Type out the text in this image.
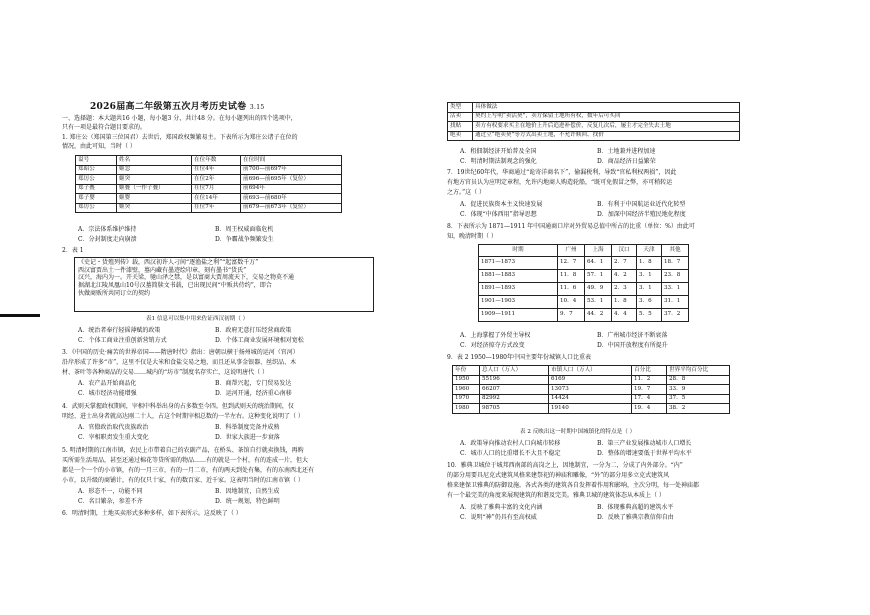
2026届高二年级第五次月考历史试卷 3.15
一、选择题：本大题共16 小题，每小题3 分，共计48 分。在每小题列出的四个选项中，
只有一项是最符合题目要求的。
1. 郑庄公（郑国第三位国君）去世后，郑国政权频繁易主。下表所示为郑庄公诸子在位的
情况，由此可知，当时（ ）
谥号	姓名	在位年数	在位时间
郑昭公	姬忽	在位4年	前700—前697年
郑厉公	姬突	在位2年	前696—前695年（复位）
郑子亹	姬亹（一作子亹）	在位7月	前694年
郑子婴	姬婴	在位14年	前693—前680年
郑厉公	姬突	在位7年	前679—前673年（复位）
A．宗法体系维护维持	B．周王权威面临危机
C．分封制度走向崩溃	D．争霸战争频繁发生
2．表 1
《史记・货殖列传》载，西汉初许人刁间“逐渔盐之利”“起富数千万”
西汉富贾出土一件漆壁，墓内藏有墨迹绘印章，刻有墨书“货氏”
汉兴，海内为一。开关梁，驰山泽之禁，是以富商大贾周流天下，交易之物莫不通
据湖北江陵凤凰山10号汉墓简牍文书载，已出现民间“中贩共侍约”，即合
伙做商贩所共同订立的契约
表1 信息可以集中用来佐证西汉初期（ ）
A．统治者奉行轻徭薄赋的政策	B．政府无意打压经营商政策
C．个体工商业注重创新营销方式	D．个体工商业发展环境相对宽松
3．《中国的历史·痛苦的世界帝国——隋唐时代》指出：唐朝以横于扬州城的运河（官河）
沿岸形成了许多“市”，这里不仅是大米和食盐交易之地，而且还从事金银器、丝织品、木
材、茶叶等各种商品的交易……城内的“坊市”制度名存实亡，这说明唐代（ ）
A．农产品开始商品化	B．商帮兴起，专门贸易发达
C．城市经济功能增强	D．运河开通，经济重心南移
4．武则天掌握政权期间，宰相中科举出身的占多数至今四。但到武则天的统治期间，仅
明经、进士出身者就高达刚二十人，占这个时期宰相总数的一半左右。这种变化说明了（ ）
A．官僚政治取代贵族政治	B．科举制度完备并成熟
C．宰相职责发生重大变化	D．世家大族进一步衰落
5. 明清时期的江南市镇，农民上市带着自己的农副产品，在桥头、茶馆自行就卖换钱，再购
买所需生活用品，甚至还通过棉花等贷所需的物品……有的就是一个村，有的连成一片，但大
都是一个一个的小市镇，有的一月三市，有的一月二市，有的两天到处有集，有的东南西北还有
小市，以升级的商铺计，有的仅只十家，有的数百家、近千家。这表明当时的江南市镇（ ）
A．形态不一，功能不同	B．因地制宜，自然生成
C．名目繁杂，参差不齐	D．统一规划，特色鲜明
6．明清时期，土地买卖形式多种多样，如下表所示。这反映了（ ）
类型	具体做法
活卖	契约上写明“卖活契”，卖方保留土地所有权，数年后可买回
找贴	卖方有权要求买主在地价上升后追进补偿价，反复几次后，屡主才完全失去土地
绝卖	通过立“绝卖契”等方式出卖土地，不允许赎回、找价
A．租佃制经济开始普及全国	B．土地兼并进程加速
C．明清时期法制观念的强化	D．商品经济日益繁荣
7．19世纪60年代，华商通过“诡寄洋商名下”，偷漏税利，导致“官私利权两损”，因此
有地方官员认为应明定章程，允许内地商人购造轮船，“既可免假冒之弊，亦可稍转运
之方。”这（ ）
A．促进民族资本主义快速发展	B．有利于中国航运业近代化转型
C．体现“中体西用”指导思想	D．加深中国经济半殖民地化程度
8．下表所示为 1871—1911 年中国通商口岸对外贸易总值中所占的比重（单位：%）由此可
知，晚清时期（ ）
时期	广州	上海	汉口	天津	其他
1871—1873	12．7	64．1	2．7	1．8	18．7
1881—1883	11．8	57．1	4．2	3．1	23．8
1891—1893	11．6	49．9	2．3	3．1	33．1
1901—1903	10．4	53．1	1．8	3．6	31．1
1909—1911	9．7	44．2	4．4	5．5	37．2
A．上海掌握了外贸主导权	B．广州城市经济不断衰落
C．对经济掠夺方式改变	D．中国开放程度有所提升
9．表 2 1950—1980年中国主要年份城镇人口比重表
年份	总人口（万人）	市镇人口（万人）	百分比	世界平均百分比
1950	55196	6169	11．2	28．8
1960	66207	13073	19．7	33．9
1970	82992	14424	17．4	37．5
1980	98705	19140	19．4	38．2
表 2 反映出这一时期中国城镇化的特点是（ ）
A．政策导向推动农村人口向城市转移	B．第三产业发展推动城市人口增长
C．城市人口的比重增长不大且不稳定	D．整体的增速要低于世界平均水平
10．雅典卫城位于城邦西南部的高岗之上，因地制宜，一分为二，分成了内外部分。“内”
的部分用要具尼克式建筑风格来建祭祀的神庙和雕像，“外”的部分用多立克式建筑风
格来建保卫雅典的防御设施。各式各类的建筑各自发挥着作用和影响，主次分明，每一处神庙都
有一个最完美的角度来展现建筑的和谐及完美。雅典卫城的建筑体态从本质上（ ）
A．反映了雅典丰富的文化内涵	B．体现雅典高超的建筑水平
C．说明“神”仍具有至高权威	D．反映了雅典宗教信仰自由
